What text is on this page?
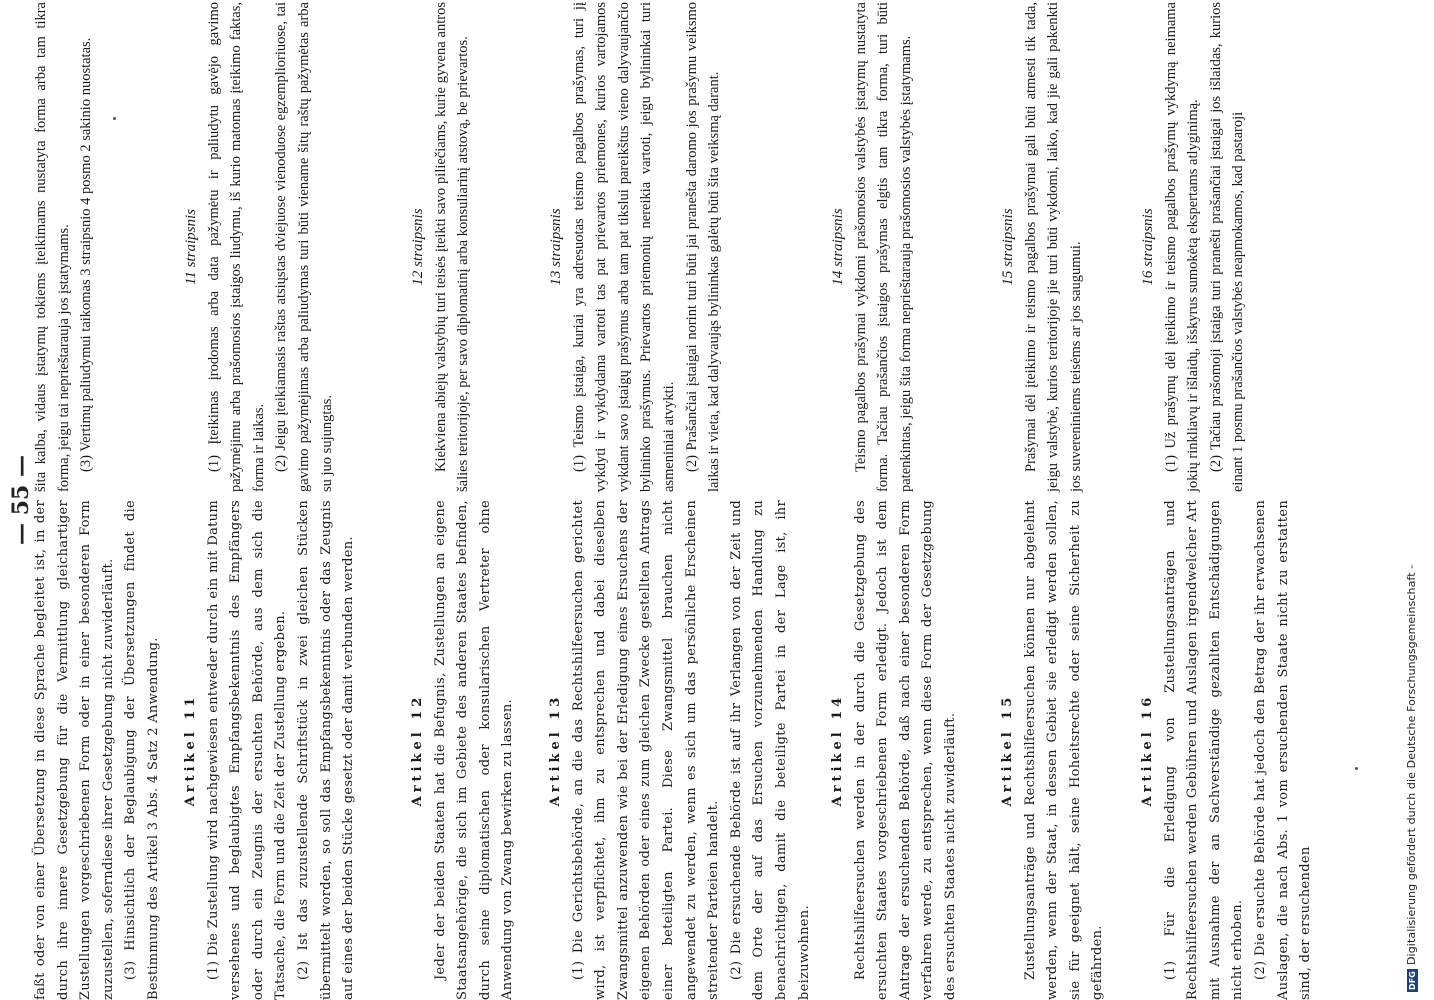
— 55 — faßt oder von einer Übersetzung in diese Sprache begleitet ist, in der durch ihre innere Gesetzgebung für die Vermittlung gleichartiger Zustellungen vorgeschriebenen Form oder in einer besonderen Form zuzustellen, soferndiese ihrer Gesetzgebung nicht zuwiderläuft. (3) Hinsichtlich der Beglaubigung der Übersetzungen findet die Bestimmung des Artikel 3 Abs. 4 Satz 2 Anwendung.	Artikel 11 (1) Die Zustellung wird nachgewiesen entweder durch ein mit Datum versehenes und beglaubigtes Empfangsbekenntnis des Empfängers oder durch ein Zeugnis der ersuchten Behörde, aus dem sich die Tatsache, die Form und die Zeit der Zustellung ergeben. (2) Ist das zuzustellende Schriftstück in zwei gleichen Stücken übermittelt worden, so soll das Empfangsbekenntnis oder das Zeugnis auf eines der beiden Stücke gesetzt oder damit verbunden werden.	Artikel 12 Jeder der beiden Staaten hat die Befugnis, Zustellungen an eigene Staatsangehörige, die sich im Gebiete des anderen Staates befinden, durch seine diplomatischen oder konsularischen Vertreter ohne Anwendung von Zwang bewirken zu lassen.	Artikel 13 (1) Die Gerichtsbehörde, an die das Rechtshilfeersuchen gerichtet wird, ist verpflichtet, ihm zu entsprechen und dabei dieselben Zwangsmittel anzuwenden wie bei der Erledigung eines Ersuchens der eigenen Behörden oder eines zum gleichen Zwecke gestellten Antrags einer beteiligten Partei. Diese Zwangsmittel brauchen nicht angewendet zu werden, wenn es sich um das persönliche Erscheinen streitender Parteien handelt. (2) Die ersuchende Behörde ist auf ihr Verlangen von der Zeit und dem Orte der auf das Ersuchen vorzunehmenden Handlung zu benachrichtigen, damit die beteiligte Partei in der Lage ist, ihr beizuwohnen.

Artikel 14 Rechtshilfeersuchen werden in der durch die Gesetzgebung des ersuchten Staates vorgeschriebenen Form erledigt. Jedoch ist dem Antrage der ersuchenden Behörde, daß nach einer besonderen Form verfahren werde, zu entsprechen, wenn diese Form der Gesetzgebung des ersuchten Staates nicht zuwiderläuft.	Artikel 15 Zustellungsanträge und Rechtshilfeersuchen können nur abgelehnt werden, wenn der Staat, in dessen Gebiet sie erledigt werden sollen, sie für geeignet hält, seine Hoheitsrechte oder seine Sicherheit zu gefährden.

Artikel 16 (1) Für die Erledigung von Zustellungsanträgen und Rechtshilfeersuchen werden Gebühren und Auslagen irgendwelcher Art mit Ausnahme der an Sachverständige gezahlten Entschädigungen nicht erhoben. (2) Die ersuchte Behörde hat jedoch den Betrag der ihr erwachsenen Auslagen, die nach Abs. 1 vom ersuchenden Staate nicht zu erstatten sind, der ersuchenden

šita kalba, vidaus įstatymų tokiems įteikimams nustatyta forma arba tam tikra forma, jeigu tai neprieštarauja jos įstatymams. (3) Vertimų paliudymui taikomas 3 straipsnio 4 posmo 2 sakinio nuostatas.	11 straipsnis (1) Įteikimas įrodomas arba data pažymėtu ir paliudytu gavėjo gavimo pažymėjimu arba prašomosios įstaigos liudymu, iš kurio matomas įteikimo faktas, forma ir laikas. (2) Jeigu įteikiamasis raštas atsiųstas dviejuose vienoduose egzemplioriuose, tai gavimo pažymėjimas arba paliudymas turi būti viename šitų raštų pažymėtas arba su juo sujungtas.

12 straipsnis Kiekviena abiejų valstybių turi teisės įteikti savo piliečiams, kurie gyvena antros šalies teritorijoje, per savo diplomatinį arba konsuliarinį atstovą, be prievartos.	13 straipsnis (1) Teismo įstaiga, kuriai yra adresuotas teismo pagalbos prašymas, turi jį vykdyti ir vykdydama vartoti tas pat prievartos priemones, kurios vartojamos vykdant savo įstaigų prašymus arba tam pat tikslui pareikštus vieno dalyvaujančio bylininko prašymus. Prievartos priemonių nereikia vartoti, jeigu bylininkai turi asmeniniai atvykti. (2) Prašančiai įstaigai norint turi būti jai pranešta daromo jos prašymu veiksmo laikas ir vieta, kad dalyvaująs bylininkas galėtų būti šita veiksmą darant.	14 straipsnis Teismo pagalbos prašymai vykdomi prašomosios valstybės įstatymų nustatyta forma. Tačiau prašančios įstaigos prašymas elgtis tam tikra forma, turi būti patenkintas, jeigu šita forma neprieštarauja prašomosios valstybės įstatymams.	15 straipsnis Prašymai dėl įteikimo ir teismo pagalbos prašymai gali būti atmesti tik tada, jeigu valstybė, kurios teritorijoje jie turi būti vykdomi, laiko, kad jie gali pakenkti jos suvereniniems teisėms ar jos saugumui.	16 straipsnis (1) Už prašymų dėl įteikimo ir teismo pagalbos prašymų vykdymą neimama jokių rinkliavų ir išlaidų, išskyrus sumokėtą ekspertams atlyginimą. (2) Tačiau prašomoji įstaiga turi pranešti prašančiai įstaigai jos išlaidas, kurios einant 1 posmu prašančios valstybės neapmokamos, kad pastaroji

DFGDigitalisierung gefördert durch die Deutsche Forschungsgemeinschaft -
